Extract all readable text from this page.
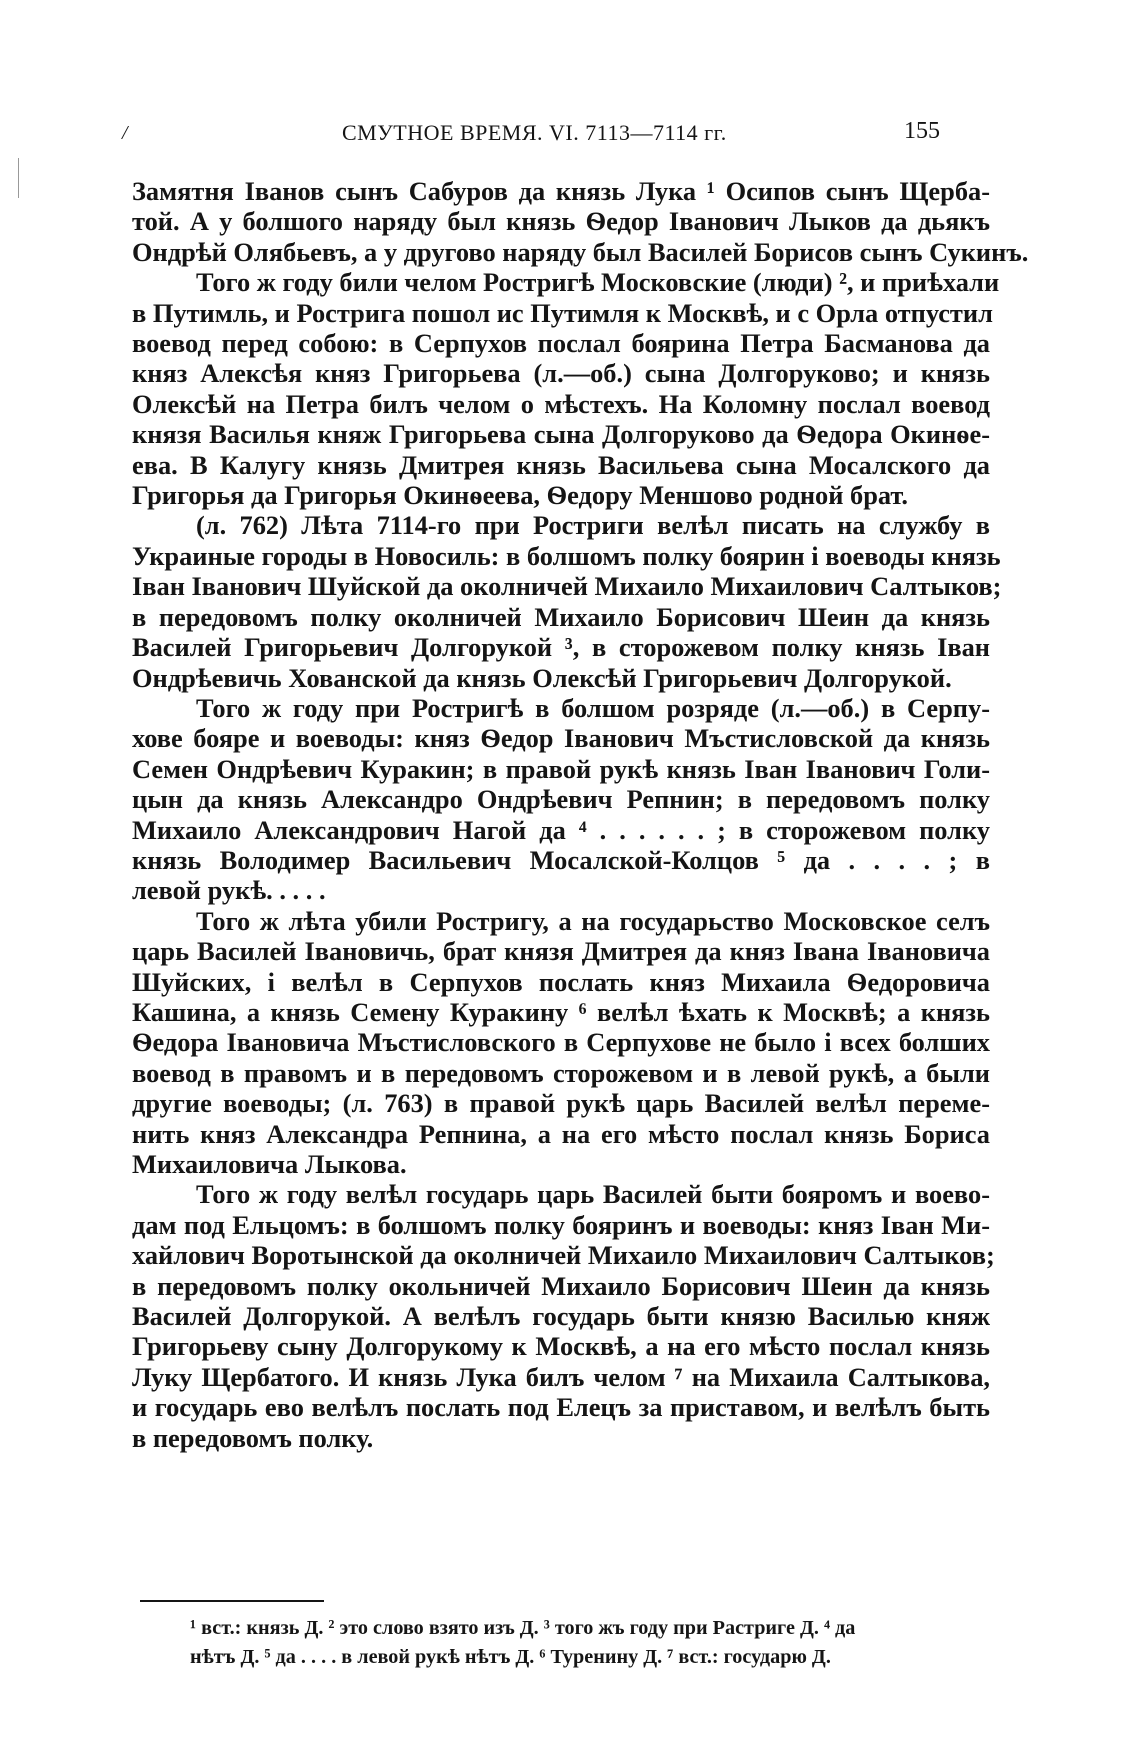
/	СМУТНОЕ ВРЕМЯ. VI. 7113—7114 гг.	155
Замятня Іванов сынъ Сабуров да князь Лука ¹ Осипов сынъ Щерба-
той. А у болшого наряду был князь Ѳедор Іванович Лыков да дьякъ
Ондрѣй Олябьевъ, а у другово наряду был Василей Борисов сынъ Сукинъ.
Того ж году били челом Ростригѣ Московские (люди) ², и приѣхали
в Путимль, и Рострига пошол ис Путимля к Москвѣ, и с Орла отпустил
воевод перед собою: в Серпухов послал боярина Петра Басманова да
княз Алексѣя княз Григорьева (л.—об.) сына Долгоруково; и князь
Олексѣй на Петра билъ челом о мѣстехъ. На Коломну послал воевод
князя Василья княж Григорьева сына Долгоруково да Ѳедора Окинѳе-
ева. В Калугу князь Дмитрея князь Васильева сына Мосалского да
Григорья да Григорья Окинѳеева, Ѳедору Меншово родной брат.
(л. 762) Лѣта 7114-го при Ростриги велѣл писать на службу в
Украиные городы в Новосиль: в болшомъ полку боярин і воеводы князь
Іван Іванович Шуйской да околничей Михаило Михаилович Салтыков;
в передовомъ полку околничей Михаило Борисович Шеин да князь
Василей Григорьевич Долгорукой ³, в сторожевом полку князь Іван
Ондрѣевичь Хованской да князь Олексѣй Григорьевич Долгорукой.
Того ж году при Ростригѣ в болшом розряде (л.—об.) в Серпу-
хове бояре и воеводы: княз Ѳедор Іванович Мъстисловской да князь
Семен Ондрѣевич Куракин; в правой рукѣ князь Іван Іванович Голи-
цын да князь Александро Ондрѣевич Репнин; в передовомъ полку
Михаило Александрович Нагой да ⁴ . . . . . . ; в сторожевом полку
князь Володимер Васильевич Мосалской-Колцов ⁵ да . . . . ; в
левой рукѣ. . . . .
Того ж лѣта убили Ростригу, а на государьство Московское селъ
царь Василей Івановичь, брат князя Дмитрея да княз Івана Івановича
Шуйских, і велѣл в Серпухов послать княз Михаила Ѳедоровича
Кашина, а князь Семену Куракину ⁶ велѣл ѣхать к Москвѣ; а князь
Ѳедора Івановича Мъстисловского в Серпухове не было і всех болших
воевод в правомъ и в передовомъ сторожевом и в левой рукѣ, а были
другие воеводы; (л. 763) в правой рукѣ царь Василей велѣл переме-
нить княз Александра Репнина, а на его мѣсто послал князь Бориса
Михаиловича Лыкова.
Того ж году велѣл государь царь Василей быти бояромъ и воево-
дам под Ельцомъ: в болшомъ полку бояринъ и воеводы: княз Іван Ми-
хайлович Воротынской да околничей Михаило Михаилович Салтыков;
в передовомъ полку окольничей Михаило Борисович Шеин да князь
Василей Долгорукой. А велѣлъ государь быти князю Василью княж
Григорьеву сыну Долгорукому к Москвѣ, а на его мѣсто послал князь
Луку Щербатого. И князь Лука билъ челом ⁷ на Михаила Салтыкова,
и государь ево велѣлъ послать под Елецъ за приставом, и велѣлъ быть
в передовомъ полку.
¹ вст.: князь Д. ² это слово взято изъ Д. ³ того жъ году при Растриге Д. ⁴ да
нѣтъ Д. ⁵ да . . . . в левой рукѣ нѣтъ Д. ⁶ Туренину Д. ⁷ вст.: государю Д.
